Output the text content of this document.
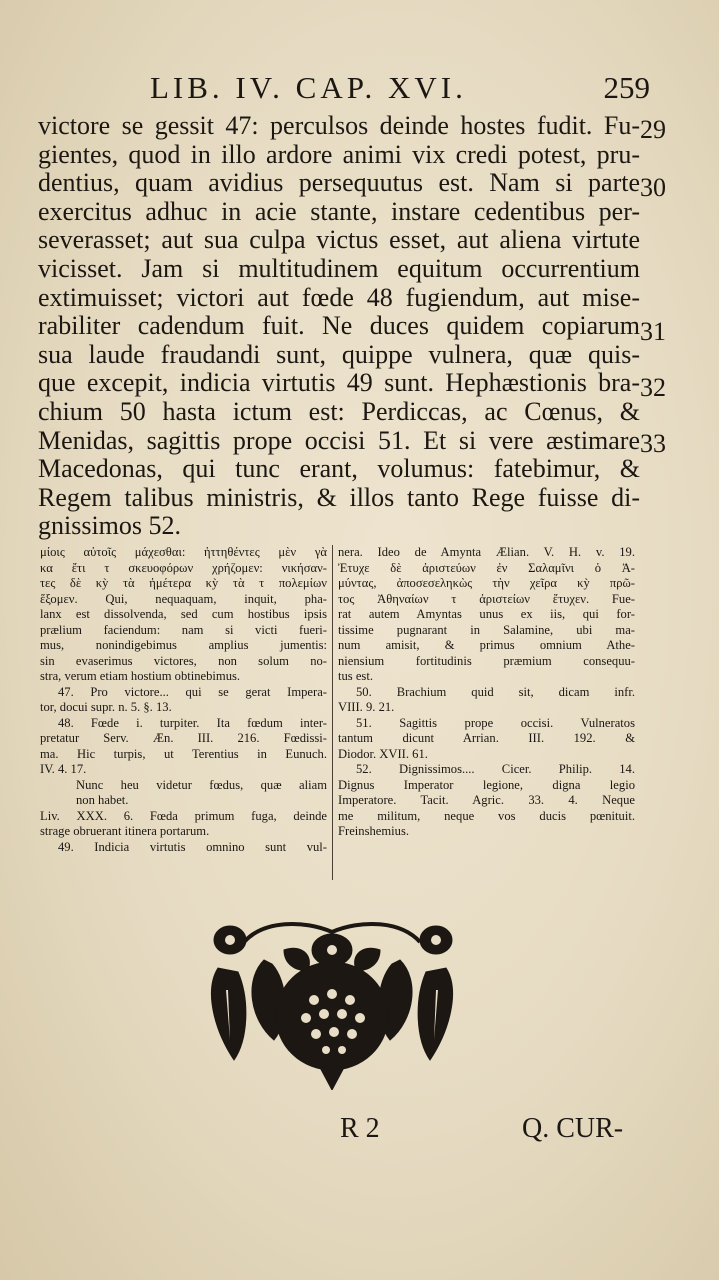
LIB. IV. CAP. XVI.	259
victore se gessit 47: perculsos deinde hostes fudit. Fu-
gientes, quod in illo ardore animi vix credi potest, pru-
dentius, quam avidius persequutus est. Nam si parte
exercitus adhuc in acie stante, instare cedentibus per-
severasset; aut sua culpa victus esset, aut aliena virtute
vicisset. Jam si multitudinem equitum occurrentium
extimuisset; victori aut fœde 48 fugiendum, aut mise-
rabiliter cadendum fuit. Ne duces quidem copiarum
sua laude fraudandi sunt, quippe vulnera, quæ quis-
que excepit, indicia virtutis 49 sunt. Hephæstionis bra-
chium 50 hasta ictum est: Perdiccas, ac Cœnus, &
Menidas, sagittis prope occisi 51. Et si vere æstimare
Macedonas, qui tunc erant, volumus: fatebimur, &
Regem talibus ministris, & illos tanto Rege fuisse di-
gnissimos 52.
29
30
31
32
33
μίοις αὐτοῖς μάχεσθαι: ἡττηθέντες μὲν γὰ
κα ἔτι τ σκευοφόρων χρήζομεν: νικήσαν-
τες δὲ κỳ τὰ ἡμέτερα κỳ τὰ τ πολεμίων
ἕξομεν. Qui, nequaquam, inquit, pha-
lanx est dissolvenda, sed cum hostibus ipsis
prælium faciendum: nam si victi fueri-
mus, nonindigebimus amplius jumentis:
sin evaserimus victores, non solum no-
stra, verum etiam hostium obtinebimus.
47. Pro victore... qui se gerat Impera-
tor, docui supr. n. 5. §. 13.
48. Fœde i. turpiter. Ita fœdum inter-
pretatur Serv. Æn. III. 216. Fœdissi-
ma. Hic turpis, ut Terentius in Eunuch.
IV. 4. 17.
Nunc heu videtur fœdus, quæ aliam
non habet.
Liv. XXX. 6. Fœda primum fuga, deinde
strage obruerant itinera portarum.
49. Indicia virtutis omnino sunt vul-
nera. Ideo de Amynta Ælian. V. H. v. 19.
Ἐτυχε δὲ ἀριστεύων ἐν Σαλαμῖνι ὁ Ἀ-
μύντας, ἀποσεσεληκὼς τὴν χεῖρα κỳ πρῶ-
τος Ἀθηναίων τ ἀριστείων ἔτυχεν. Fue-
rat autem Amyntas unus ex iis, qui for-
tissime pugnarant in Salamine, ubi ma-
num amisit, & primus omnium Athe-
niensium fortitudinis præmium consequu-
tus est.
50. Brachium quid sit, dicam infr.
VIII. 9. 21.
51. Sagittis prope occisi. Vulneratos
tantum dicunt Arrian. III. 192. &
Diodor. XVII. 61.
52. Dignissimos.... Cicer. Philip. 14.
Dignus Imperator legione, digna legio
Imperatore. Tacit. Agric. 33. 4. Neque
me militum, neque vos ducis pœnituit.
Freinshemius.
R 2	Q. CUR-
